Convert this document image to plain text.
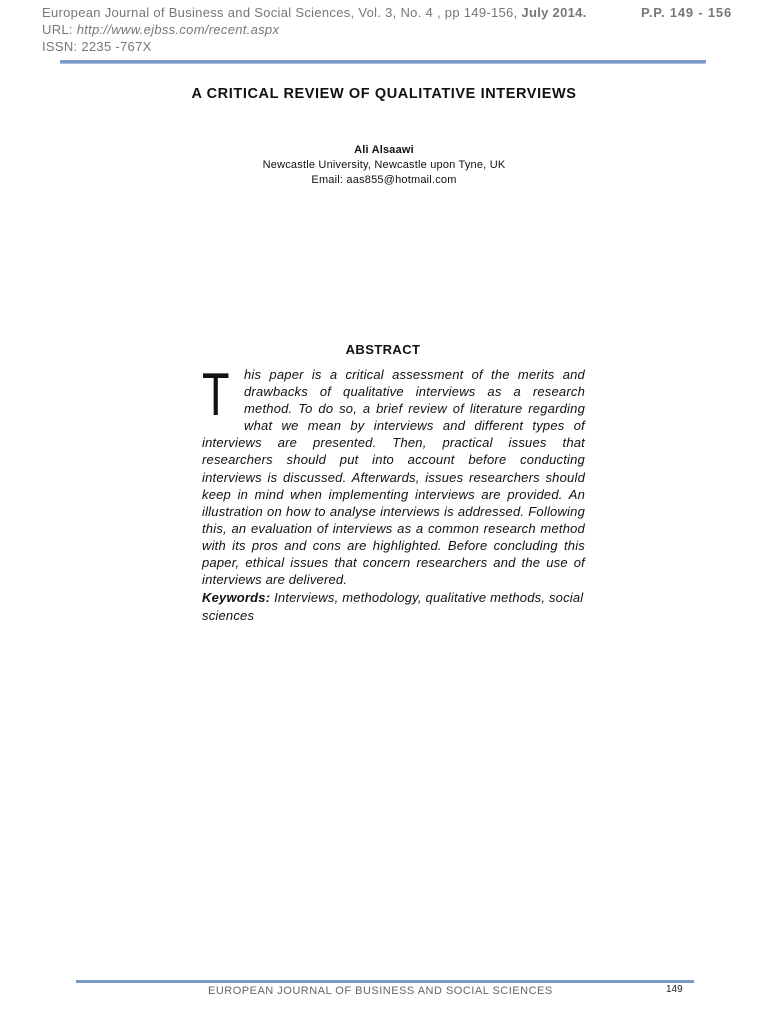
European Journal of Business and Social Sciences, Vol. 3, No. 4 , pp 149-156, July 2014.	P.P. 149 - 156
URL: http://www.ejbss.com/recent.aspx
ISSN: 2235 -767X
A CRITICAL REVIEW OF QUALITATIVE INTERVIEWS
Ali Alsaawi
Newcastle University, Newcastle upon Tyne, UK
Email: aas855@hotmail.com
ABSTRACT
T his paper is a critical assessment of the merits and drawbacks of qualitative interviews as a research method. To do so, a brief review of literature regarding what we mean by interviews and different types of interviews are presented. Then, practical issues that researchers should put into account before conducting interviews is discussed. Afterwards, issues researchers should keep in mind when implementing interviews are provided. An illustration on how to analyse interviews is addressed. Following this, an evaluation of interviews as a common research method with its pros and cons are highlighted. Before concluding this paper, ethical issues that concern researchers and the use of interviews are delivered.
Keywords: Interviews, methodology, qualitative methods, social sciences
EUROPEAN JOURNAL OF BUSINESS AND SOCIAL SCIENCES	149
